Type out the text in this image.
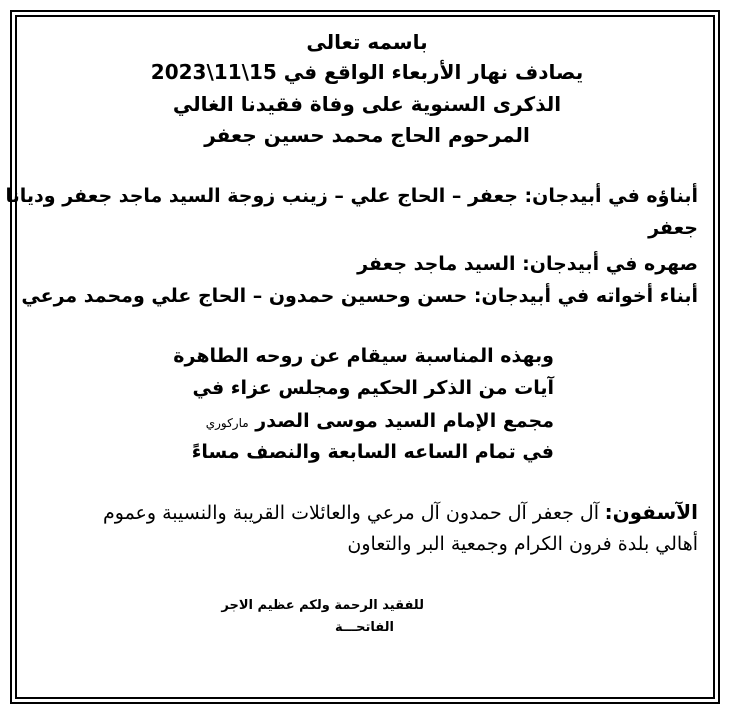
باسمه تعالى
يصادف نهار الأربعاء الواقع في 15\11\2023
الذكرى السنوية على وفاة فقيدنا الغالي
المرحوم الحاج محمد حسين جعفر
أبناؤه في أبيدجان: جعفر – الحاج علي – زينب زوجة السيد ماجد جعفر وديانا
جعفر
صهره في أبيدجان: السيد ماجد جعفر
أبناء أخواته في أبيدجان: حسن وحسين حمدون – الحاج علي ومحمد مرعي
وبهذه المناسبة سيقام عن روحه الطاهرة
آيات من الذكر الحكيم ومجلس عزاء في
مجمع الإمام السيد موسى الصدر ماركوري
في تمام الساعه السابعة والنصف مساءً
الآسفون: آل جعفر آل حمدون آل مرعي والعائلات القريبة والنسيبة وعموم
أهالي بلدة فرون الكرام وجمعية البر والتعاون
للفقيد الرحمة ولكم عظيم الاجر
الفاتحـــة
